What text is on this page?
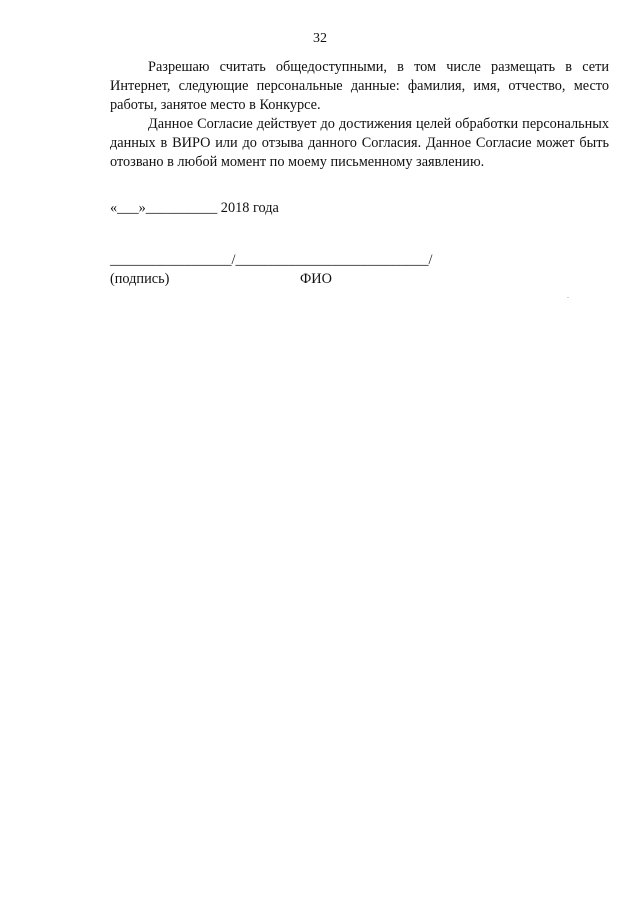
32

Разрешаю считать общедоступными, в том числе размещать в сети Интернет, следующие персональные данные: фамилия, имя, отчество, место работы, занятое место в Конкурсе.

Данное Согласие действует до достижения целей обработки персональных данных в ВИРО или до отзыва данного Согласия. Данное Согласие может быть отозвано в любой момент по моему письменному заявлению.

«___»__________ 2018 года
_________________/___________________________/
(подпись)	ФИО
